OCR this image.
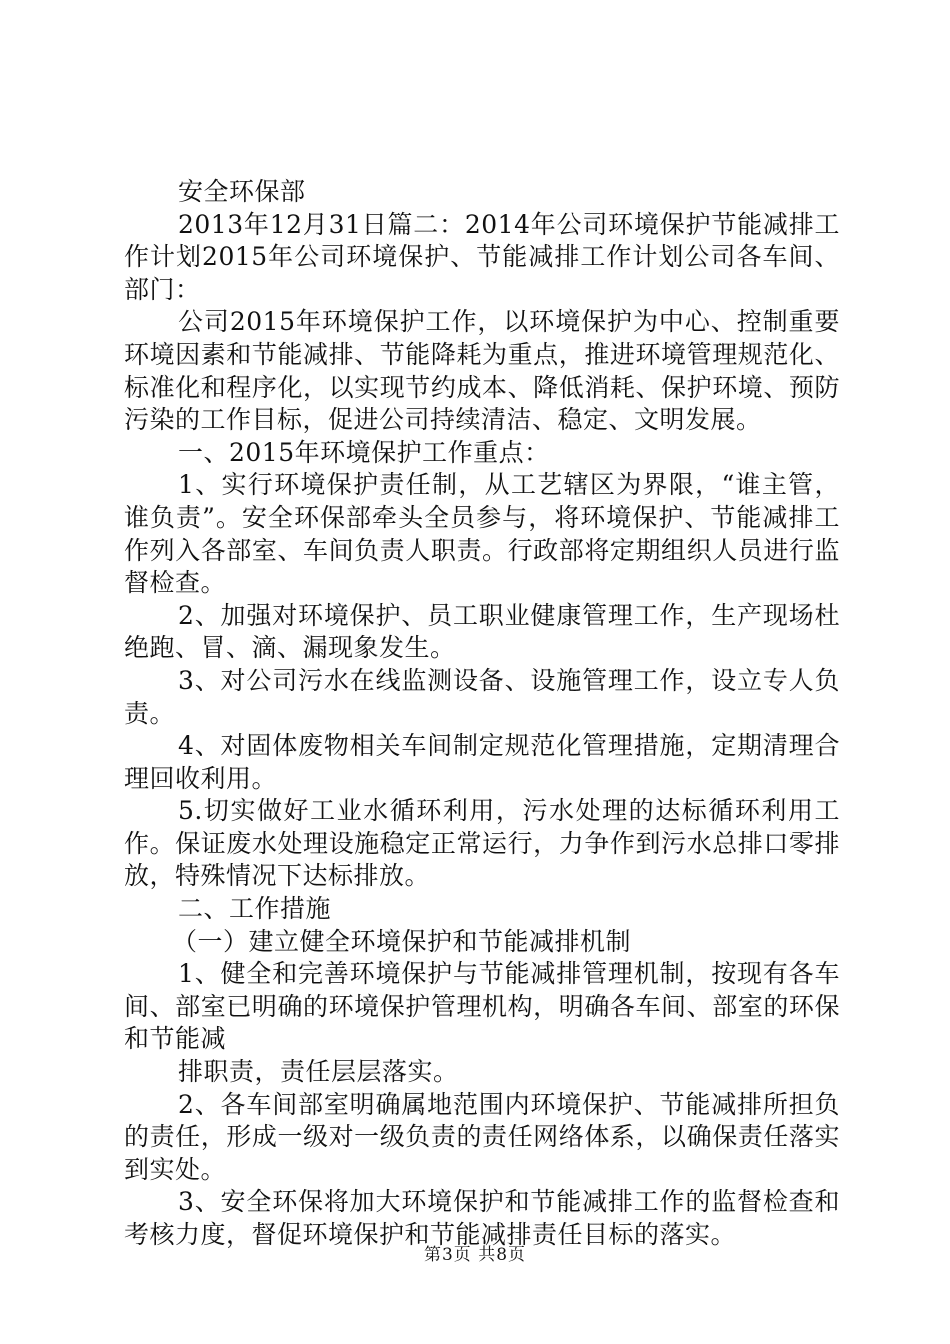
安全环保部

2013年12月31日篇二：2014年公司环境保护节能减排工作计划2015年公司环境保护、节能减排工作计划公司各车间、部门：

公司2015年环境保护工作，以环境保护为中心、控制重要环境因素和节能减排、节能降耗为重点，推进环境管理规范化、标准化和程序化，以实现节约成本、降低消耗、保护环境、预防污染的工作目标，促进公司持续清洁、稳定、文明发展。

一、2015年环境保护工作重点：

1、实行环境保护责任制，从工艺辖区为界限，“谁主管，谁负责”。安全环保部牵头全员参与，将环境保护、节能减排工作列入各部室、车间负责人职责。行政部将定期组织人员进行监督检查。

2、加强对环境保护、员工职业健康管理工作，生产现场杜绝跑、冒、滴、漏现象发生。

3、对公司污水在线监测设备、设施管理工作，设立专人负责。

4、对固体废物相关车间制定规范化管理措施，定期清理合理回收利用。

5.切实做好工业水循环利用，污水处理的达标循环利用工作。保证废水处理设施稳定正常运行，力争作到污水总排口零排放，特殊情况下达标排放。

二、工作措施

（一）建立健全环境保护和节能减排机制

1、健全和完善环境保护与节能减排管理机制，按现有各车间、部室已明确的环境保护管理机构，明确各车间、部室的环保和节能减

排职责，责任层层落实。

2、各车间部室明确属地范围内环境保护、节能减排所担负的责任，形成一级对一级负责的责任网络体系，以确保责任落实到实处。

3、安全环保将加大环境保护和节能减排工作的监督检查和考核力度，督促环境保护和节能减排责任目标的落实。

第3页 共8页
